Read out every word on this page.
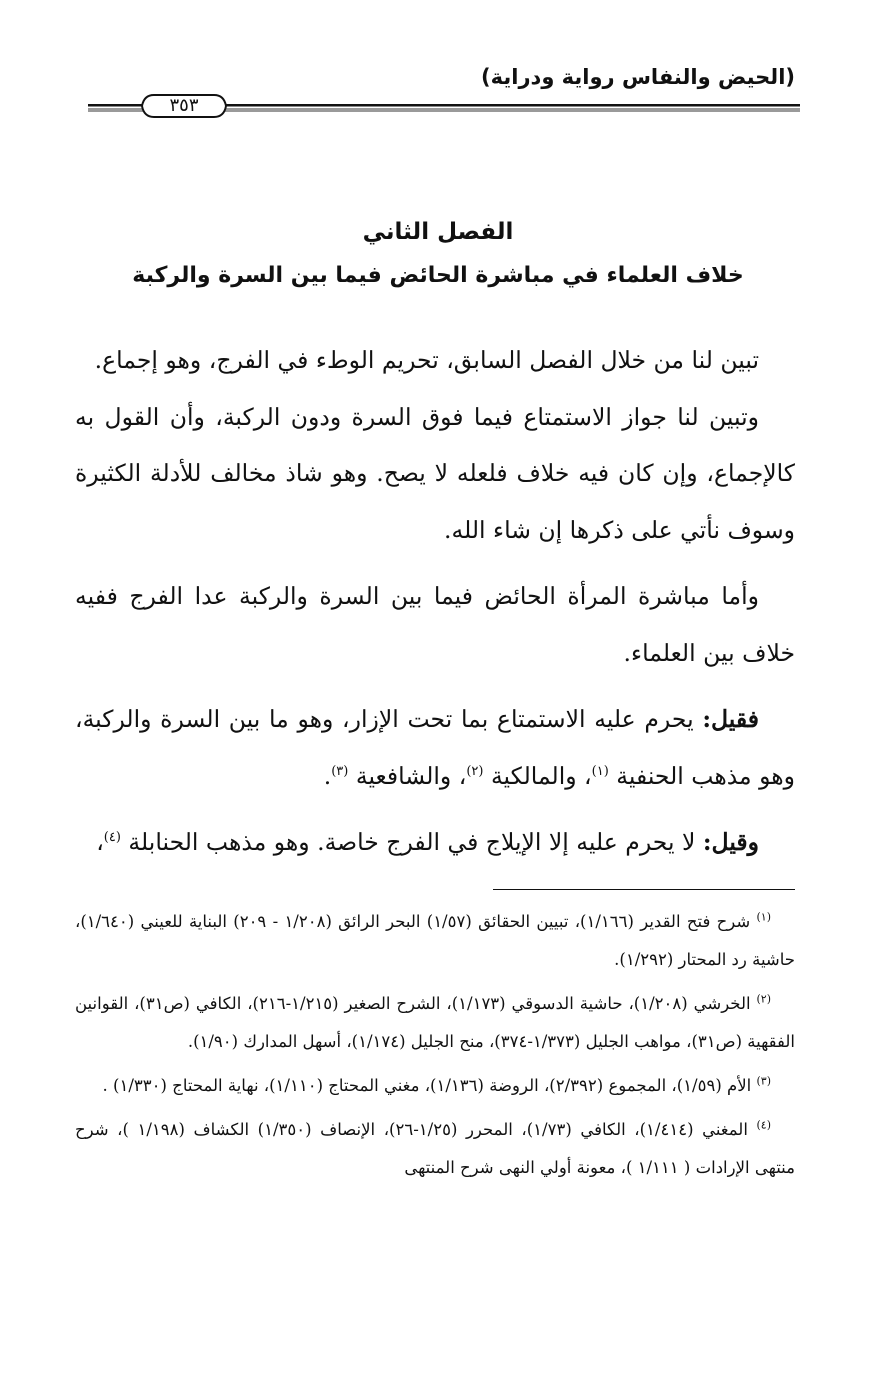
(الحيض والنفاس رواية ودراية)
٣٥٣
الفصل الثاني
خلاف العلماء في مباشرة الحائض فيما بين السرة والركبة

تبين لنا من خلال الفصل السابق، تحريم الوطء في الفرج، وهو إجماع.

وتبين لنا جواز الاستمتاع فيما فوق السرة ودون الركبة، وأن القول به كالإجماع، وإن كان فيه خلاف فلعله لا يصح. وهو شاذ مخالف للأدلة الكثيرة وسوف نأتي على ذكرها إن شاء الله.

وأما مباشرة المرأة الحائض فيما بين السرة والركبة عدا الفرج ففيه خلاف بين العلماء.

فقيل: يحرم عليه الاستمتاع بما تحت الإزار، وهو ما بين السرة والركبة، وهو مذهب الحنفية $^{(١)}$، والمالكية $^{(٢)}$، والشافعية $^{(٣)}$.

وقيل: لا يحرم عليه إلا الإيلاج في الفرج خاصة. وهو مذهب الحنابلة $^{(٤)}$،

$^{(١)}$ شرح فتح القدير (١/١٦٦)، تبيين الحقائق (١/٥٧) البحر الرائق (١/٢٠٨ - ٢٠٩) البناية للعيني (١/٦٤٠)، حاشية رد المحتار (١/٢٩٢).

$^{(٢)}$ الخرشي (١/٢٠٨)، حاشية الدسوقي (١/١٧٣)، الشرح الصغير (١/٢١٥-٢١٦)، الكافي (ص٣١)، القوانين الفقهية (ص٣١)، مواهب الجليل (١/٣٧٣-٣٧٤)، منح الجليل (١/١٧٤)، أسهل المدارك (١/٩٠).

$^{(٣)}$ الأم (١/٥٩)، المجموع (٢/٣٩٢)، الروضة (١/١٣٦)، مغني المحتاج (١/١١٠)، نهاية المحتاج (١/٣٣٠) .

$^{(٤)}$ المغني (١/٤١٤)، الكافي (١/٧٣)، المحرر (١/٢٥-٢٦)، الإنصاف (١/٣٥٠) الكشاف (١/١٩٨ )، شرح منتهى الإرادات ( ١/١١١ )، معونة أولي النهى شرح المنتهى
